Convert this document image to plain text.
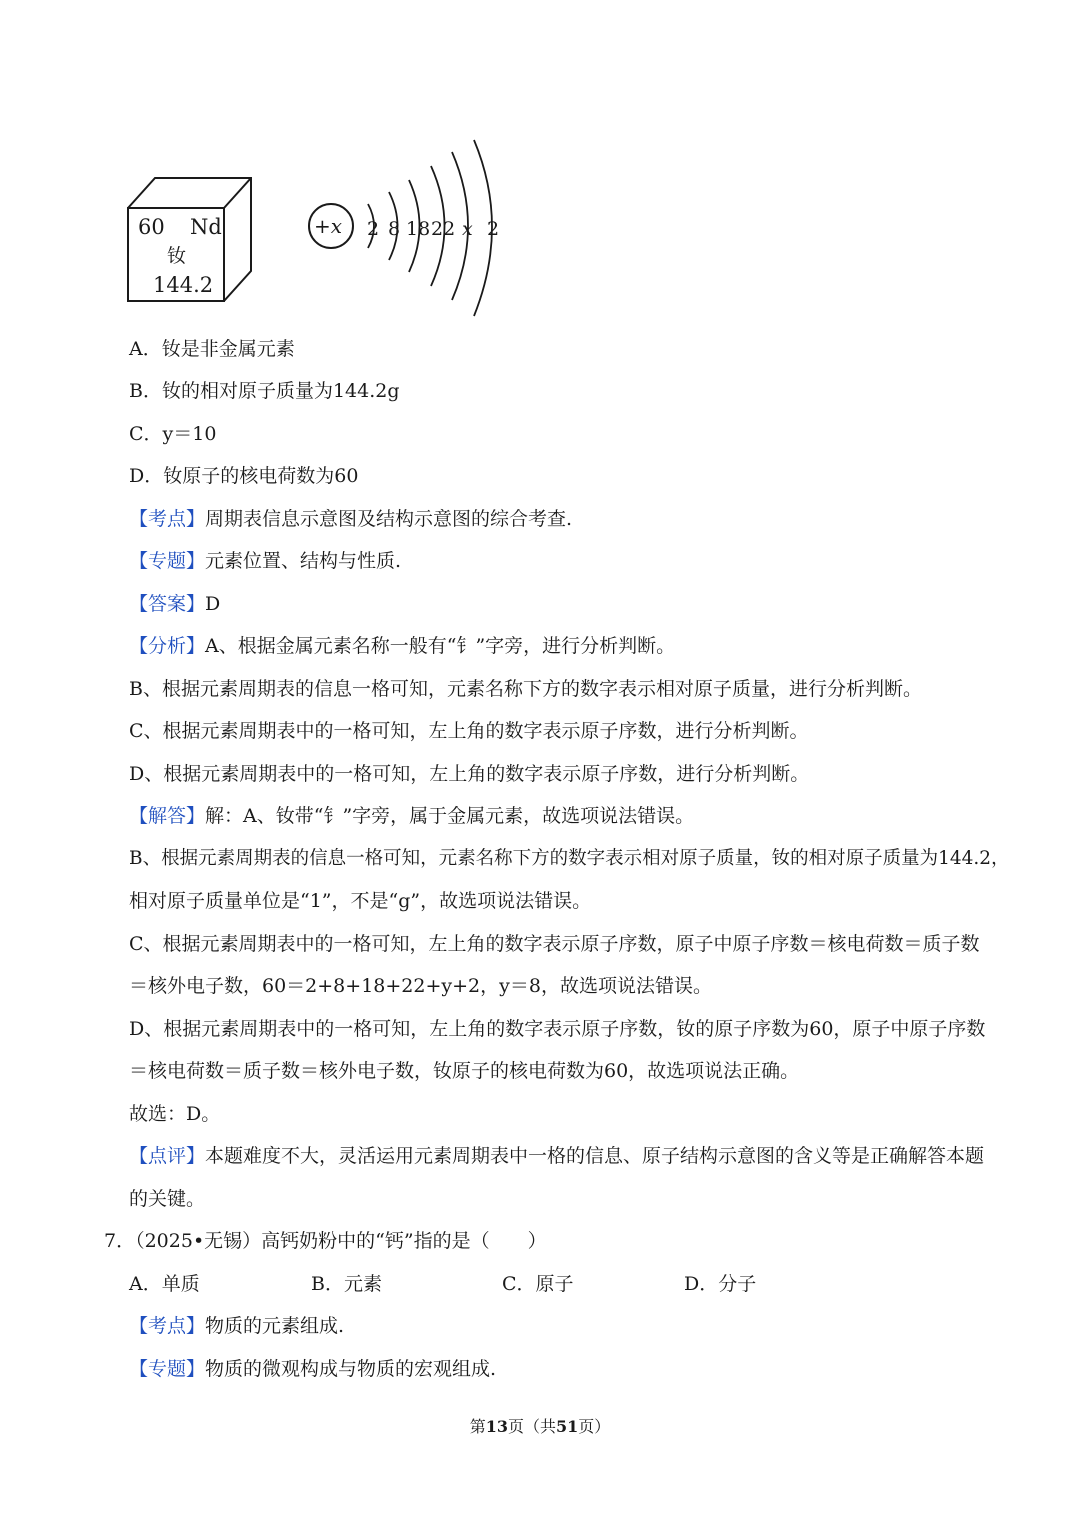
60 Nd
钕
144.2
+x 2 8 18 22 x 2
A．钕是非金属元素
B．钕的相对原子质量为144.2g
C．y＝10
D．钕原子的核电荷数为60
【考点】周期表信息示意图及结构示意图的综合考查.
【专题】元素位置、结构与性质.
【答案】D
【分析】A、根据金属元素名称一般有“钅”字旁，进行分析判断。
B、根据元素周期表的信息一格可知，元素名称下方的数字表示相对原子质量，进行分析判断。
C、根据元素周期表中的一格可知，左上角的数字表示原子序数，进行分析判断。
D、根据元素周期表中的一格可知，左上角的数字表示原子序数，进行分析判断。
【解答】解：A、钕带“钅”字旁，属于金属元素，故选项说法错误。
B、根据元素周期表的信息一格可知，元素名称下方的数字表示相对原子质量，钕的相对原子质量为144.2，
相对原子质量单位是“1”，不是“g”，故选项说法错误。
C、根据元素周期表中的一格可知，左上角的数字表示原子序数，原子中原子序数＝核电荷数＝质子数
＝核外电子数，60＝2+8+18+22+y+2，y＝8，故选项说法错误。
D、根据元素周期表中的一格可知，左上角的数字表示原子序数，钕的原子序数为60，原子中原子序数
＝核电荷数＝质子数＝核外电子数，钕原子的核电荷数为60，故选项说法正确。
故选：D。
【点评】本题难度不大，灵活运用元素周期表中一格的信息、原子结构示意图的含义等是正确解答本题
的关键。
7．（2025•无锡）高钙奶粉中的“钙”指的是（　　）
A．单质	B．元素	C．原子	D．分子
【考点】物质的元素组成.
【专题】物质的微观构成与物质的宏观组成.
第13页（共51页）
